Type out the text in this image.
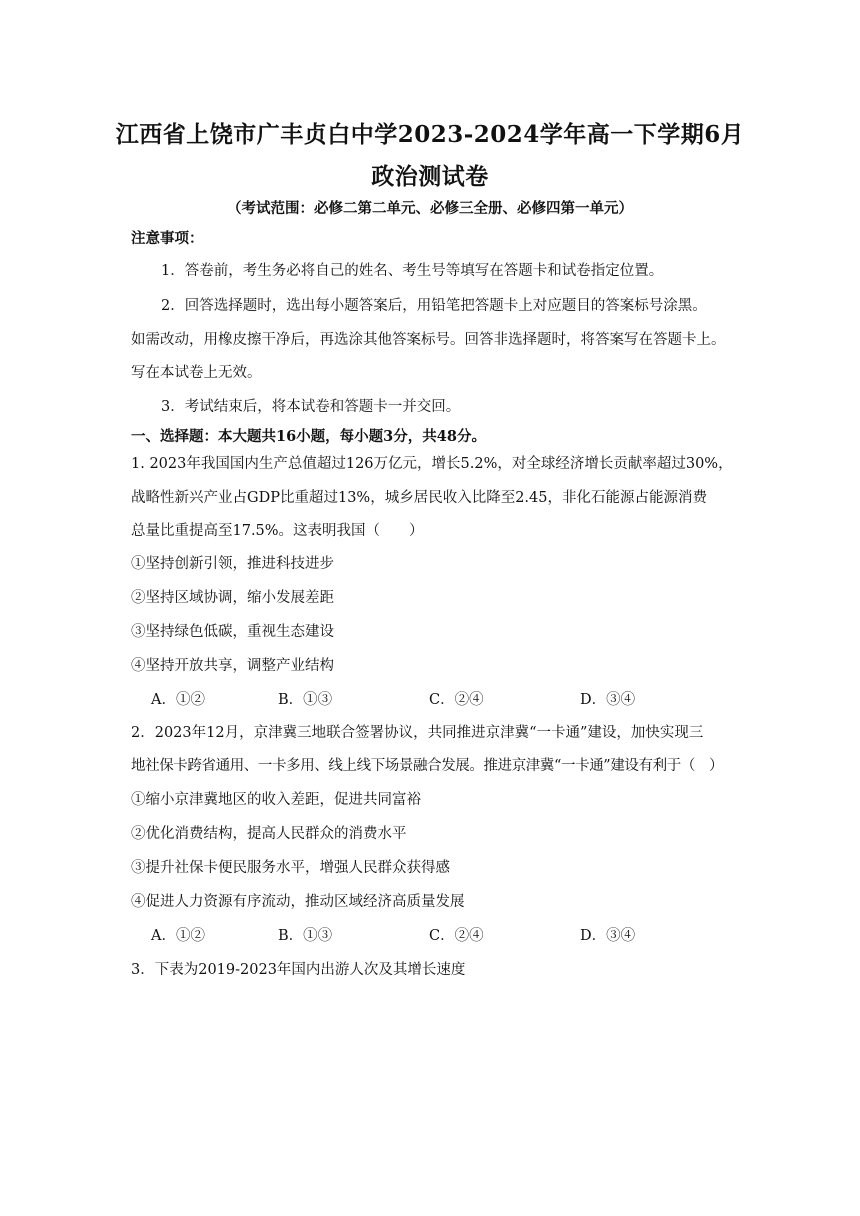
江西省上饶市广丰贞白中学2023-2024学年高一下学期6月
政治测试卷
（考试范围：必修二第二单元、必修三全册、必修四第一单元）
注意事项：
1．答卷前，考生务必将自己的姓名、考生号等填写在答题卡和试卷指定位置。
2．回答选择题时，选出每小题答案后，用铅笔把答题卡上对应题目的答案标号涂黑。
如需改动，用橡皮擦干净后，再选涂其他答案标号。回答非选择题时，将答案写在答题卡上。
写在本试卷上无效。
3．考试结束后，将本试卷和答题卡一并交回。
一、选择题：本大题共16小题，每小题3分，共48分。
1. 2023年我国国内生产总值超过126万亿元，增长5.2%，对全球经济增长贡献率超过30%，
战略性新兴产业占GDP比重超过13%，城乡居民收入比降至2.45，非化石能源占能源消费
总量比重提高至17.5%。这表明我国（　　）
①坚持创新引领，推进科技进步
②坚持区域协调，缩小发展差距
③坚持绿色低碳，重视生态建设
④坚持开放共享，调整产业结构
A．①②	B．①③	C．②④	D．③④
2．2023年12月，京津冀三地联合签署协议，共同推进京津冀“一卡通”建设，加快实现三
地社保卡跨省通用、一卡多用、线上线下场景融合发展。推进京津冀“一卡通”建设有利于（　）
①缩小京津冀地区的收入差距，促进共同富裕
②优化消费结构，提高人民群众的消费水平
③提升社保卡便民服务水平，增强人民群众获得感
④促进人力资源有序流动，推动区域经济高质量发展
A．①②	B．①③	C．②④	D．③④
3．下表为2019-2023年国内出游人次及其增长速度
